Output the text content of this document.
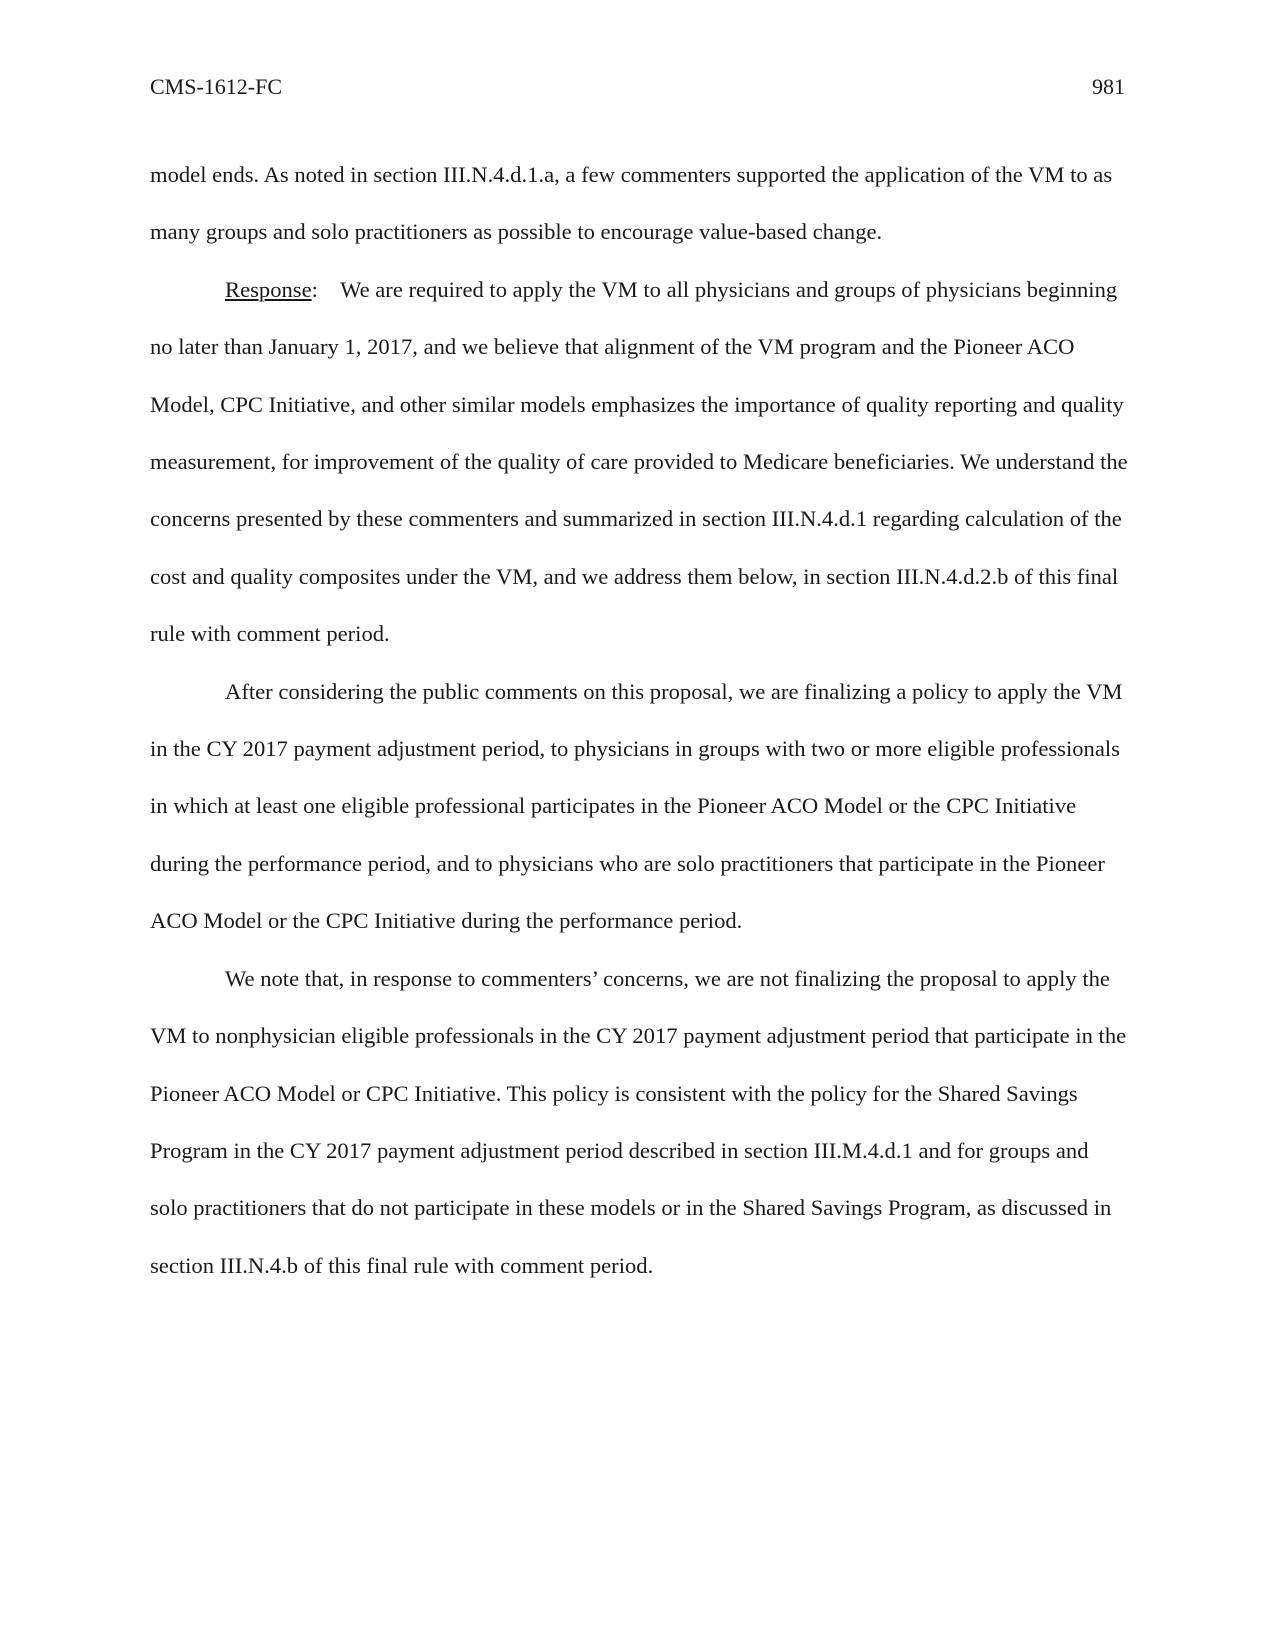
CMS-1612-FC	981

model ends. As noted in section III.N.4.d.1.a, a few commenters supported the application of the VM to as many groups and solo practitioners as possible to encourage value-based change.

Response:    We are required to apply the VM to all physicians and groups of physicians beginning no later than January 1, 2017, and we believe that alignment of the VM program and the Pioneer ACO Model, CPC Initiative, and other similar models emphasizes the importance of quality reporting and quality measurement, for improvement of the quality of care provided to Medicare beneficiaries. We understand the concerns presented by these commenters and summarized in section III.N.4.d.1 regarding calculation of the cost and quality composites under the VM, and we address them below, in section III.N.4.d.2.b of this final rule with comment period.

After considering the public comments on this proposal, we are finalizing a policy to apply the VM in the CY 2017 payment adjustment period, to physicians in groups with two or more eligible professionals in which at least one eligible professional participates in the Pioneer ACO Model or the CPC Initiative during the performance period, and to physicians who are solo practitioners that participate in the Pioneer ACO Model or the CPC Initiative during the performance period.

We note that, in response to commenters’ concerns, we are not finalizing the proposal to apply the VM to nonphysician eligible professionals in the CY 2017 payment adjustment period that participate in the Pioneer ACO Model or CPC Initiative. This policy is consistent with the policy for the Shared Savings Program in the CY 2017 payment adjustment period described in section III.M.4.d.1 and for groups and solo practitioners that do not participate in these models or in the Shared Savings Program, as discussed in section III.N.4.b of this final rule with comment period.
